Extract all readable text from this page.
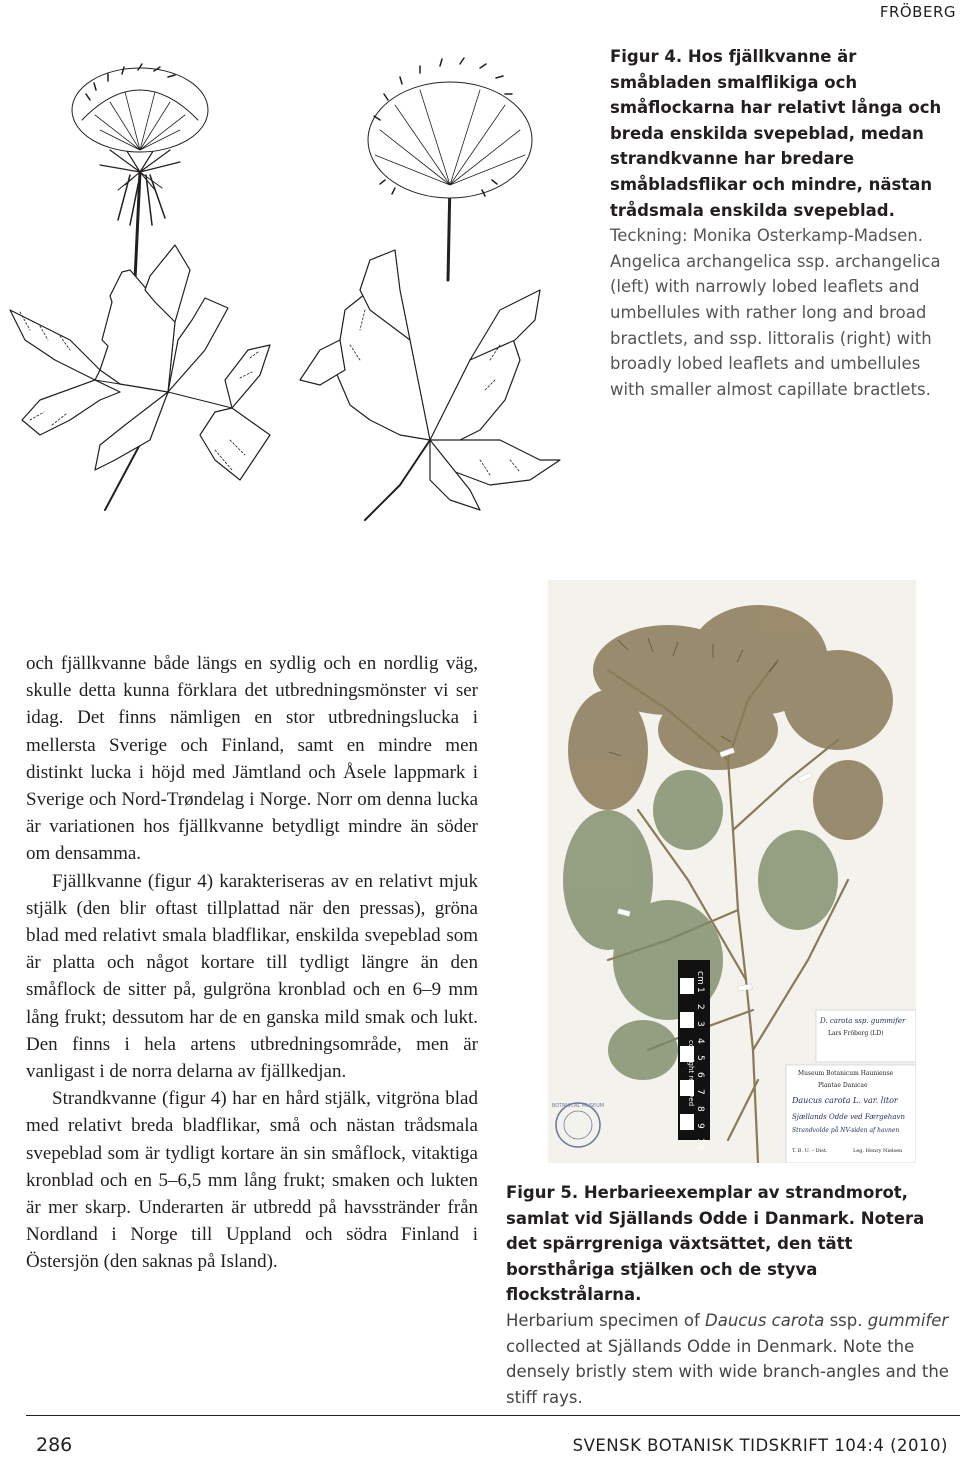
FRÖBERG

Figur 4. Hos fjällkvanne är småbladen smalflikiga och småflockarna har relativt långa och breda enskilda svepeblad, medan strandkvanne har bredare småbladsflikar och mindre, nästan trådsmala enskilda svepeblad. Teckning: Monika Osterkamp-Madsen.

Angelica archangelica ssp. archangelica (left) with narrowly lobed leaflets and umbellules with rather long and broad bractlets, and ssp. littoralis (right) with broadly lobed leaflets and umbellules with smaller almost capillate bractlets.

och fjällkvanne både längs en sydlig och en nordlig väg, skulle detta kunna förklara det utbredningsmönster vi ser idag. Det finns nämligen en stor utbredningslucka i mellersta Sverige och Finland, samt en mindre men distinkt lucka i höjd med Jämtland och Åsele lappmark i Sverige och Nord-Trøndelag i Norge. Norr om denna lucka är variationen hos fjällkvanne betydligt mindre än söder om densamma.

Fjällkvanne (figur 4) karakteriseras av en relativt mjuk stjälk (den blir oftast tillplattad när den pressas), gröna blad med relativt smala bladflikar, enskilda svepeblad som är platta och något kortare till tydligt längre än den småflock de sitter på, gulgröna kronblad och en 6–9 mm lång frukt; dessutom har de en ganska mild smak och lukt. Den finns i hela artens utbredningsområde, men är vanligast i de norra delarna av fjällkedjan.

Strandkvanne (figur 4) har en hård stjälk, vitgröna blad med relativt breda bladflikar, små och nästan trådsmala svepeblad som är tydligt kortare än sin småflock, vitaktiga kronblad och en 5–6,5 mm lång frukt; smaken och lukten är mer skarp. Underarten är utbredd på havsstränder från Nordland i Norge till Uppland och södra Finland i Östersjön (den saknas på Island).

cm
1
2
3
4
5
6
7
8
9
10
copyright reserved
BOTANICAL MUSEUM
D. carota ssp. gummifer
Lars Fröberg (LD)
Museum Botanicum Hauniense
Plantae Danicae
Daucus carota L. var. litor
Sjællands Odde ved Færgehavn
Strandvolde på NV-siden af havnen
T. B. U. – Dist.	Leg. Henry Nielsen

Figur 5. Herbarieexemplar av strandmorot, samlat vid Själlands Odde i Danmark. Notera det spärrgreniga växtsättet, den tätt borsthåriga stjälken och de styva flockstrålarna.

Herbarium specimen of Daucus carota ssp. gummifer collected at Själlands Odde in Denmark. Note the densely bristly stem with wide branch-angles and the stiff rays.

286	SVENSK BOTANISK TIDSKRIFT 104:4 (2010)
